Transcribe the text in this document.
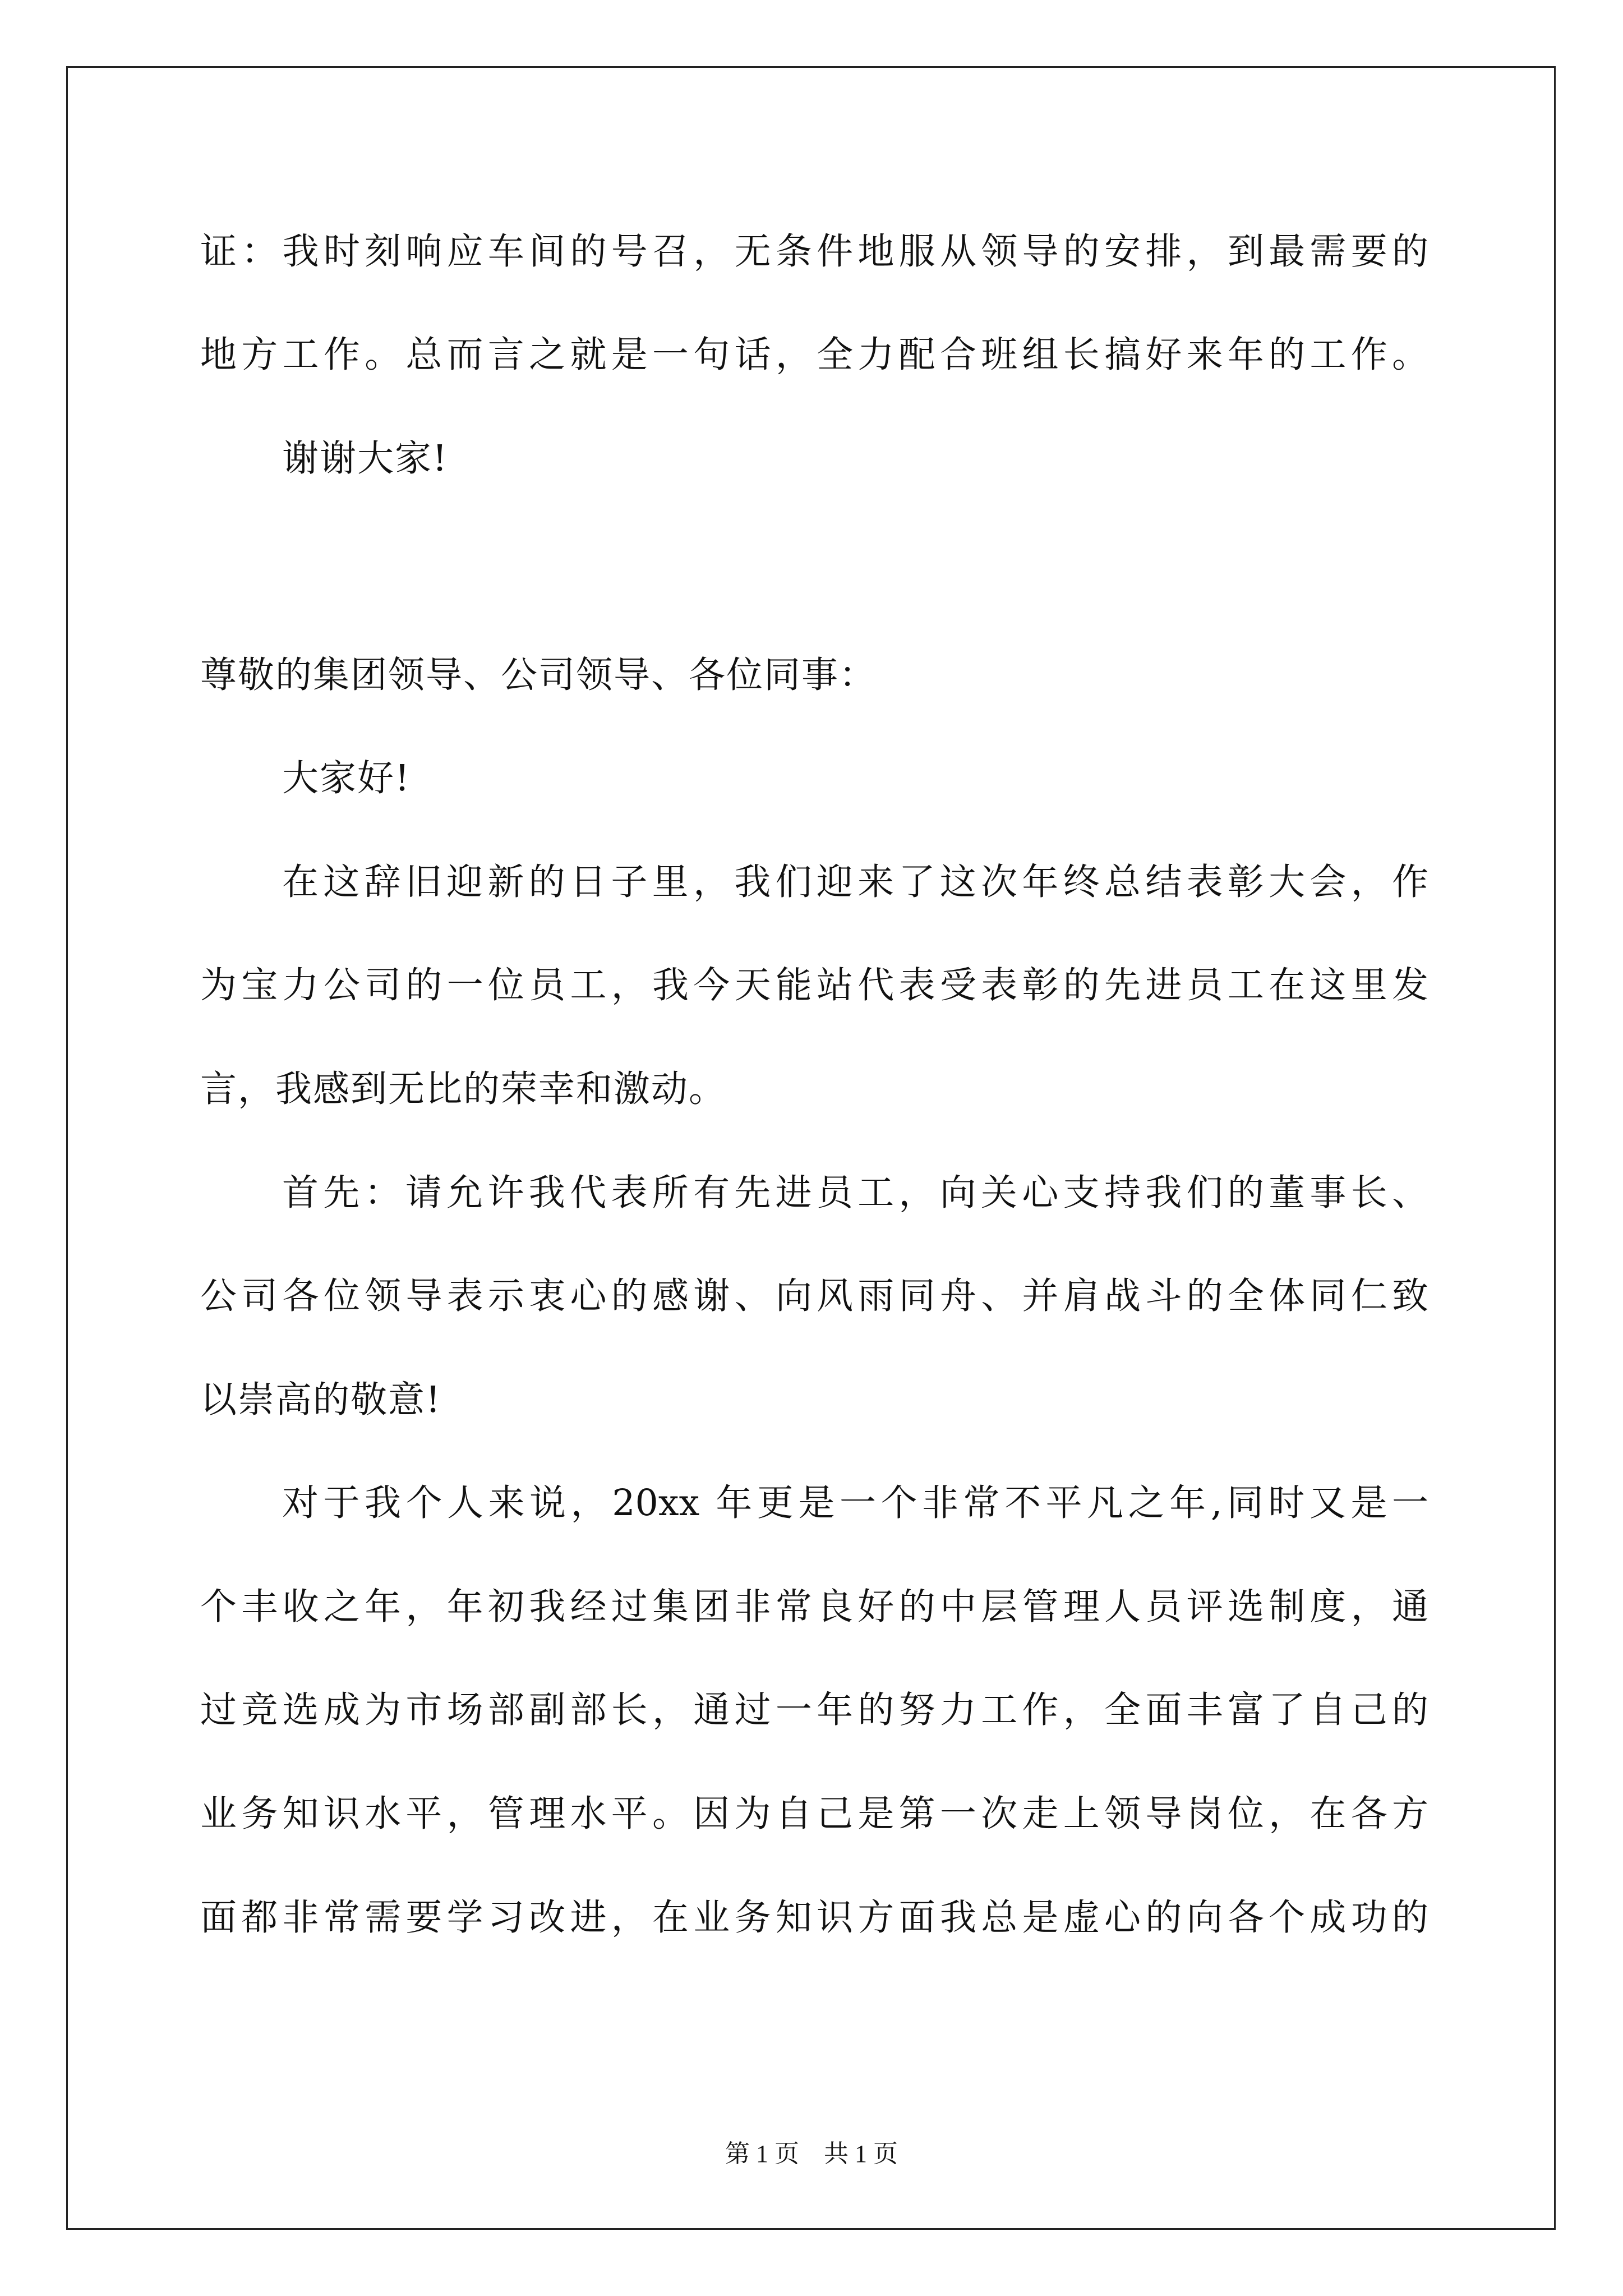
证：我时刻响应车间的号召，无条件地服从领导的安排，到最需要的
地方工作。总而言之就是一句话，全力配合班组长搞好来年的工作。
谢谢大家!
尊敬的集团领导、公司领导、各位同事：
大家好!
在这辞旧迎新的日子里，我们迎来了这次年终总结表彰大会，作
为宝力公司的一位员工，我今天能站代表受表彰的先进员工在这里发
言，我感到无比的荣幸和激动。
首先：请允许我代表所有先进员工，向关心支持我们的董事长、
公司各位领导表示衷心的感谢、向风雨同舟、并肩战斗的全体同仁致
以崇高的敬意!
对于我个人来说，20xx 年更是一个非常不平凡之年,同时又是一
个丰收之年，年初我经过集团非常良好的中层管理人员评选制度，通
过竞选成为市场部副部长，通过一年的努力工作，全面丰富了自己的
业务知识水平，管理水平。因为自己是第一次走上领导岗位，在各方
面都非常需要学习改进，在业务知识方面我总是虚心的向各个成功的
第 1 页　共 1 页
